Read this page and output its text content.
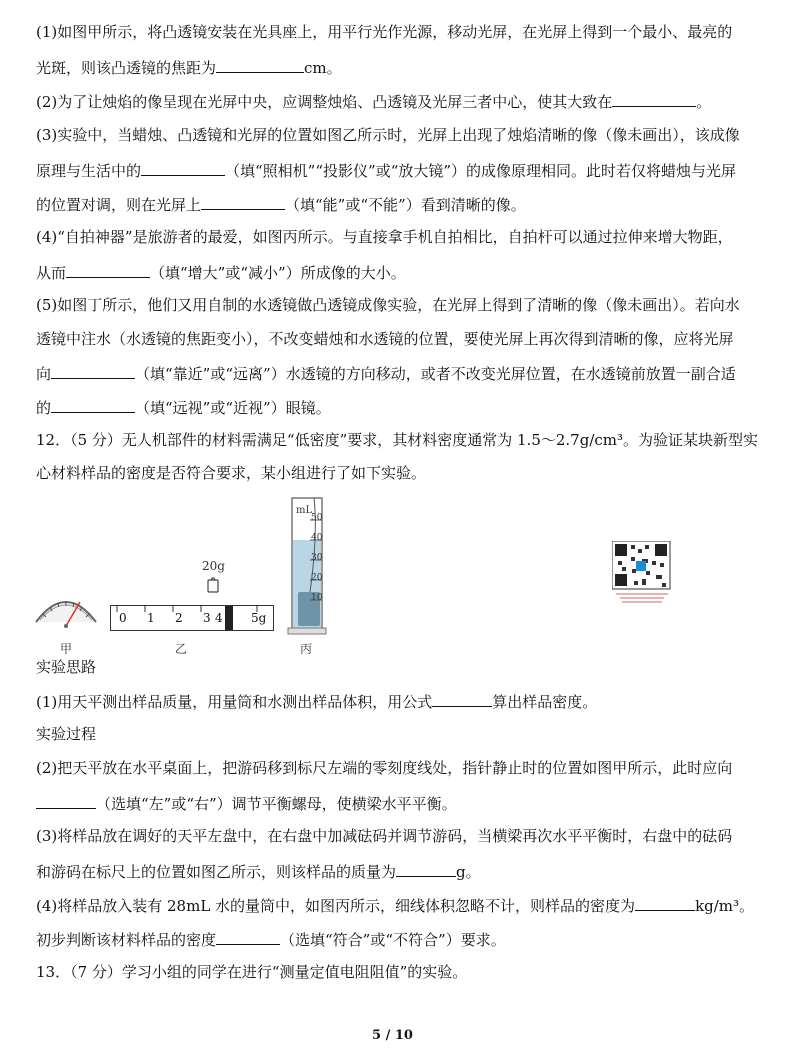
(1)如图甲所示，将凸透镜安装在光具座上，用平行光作光源，移动光屏，在光屏上得到一个最小、最亮的
光斑，则该凸透镜的焦距为	cm。
(2)为了让烛焰的像呈现在光屏中央，应调整烛焰、凸透镜及光屏三者中心，使其大致在	。
(3)实验中，当蜡烛、凸透镜和光屏的位置如图乙所示时，光屏上出现了烛焰清晰的像（像未画出），该成像
原理与生活中的	（填“照相机”“投影仪”或“放大镜”）的成像原理相同。此时若仅将蜡烛与光屏
的位置对调，则在光屏上	（填“能”或“不能”）看到清晰的像。
(4)“自拍神器”是旅游者的最爱，如图丙所示。与直接拿手机自拍相比，自拍杆可以通过拉伸来增大物距，
从而	（填“增大”或“减小”）所成像的大小。
(5)如图丁所示，他们又用自制的水透镜做凸透镜成像实验，在光屏上得到了清晰的像（像未画出）。若向水
透镜中注水（水透镜的焦距变小），不改变蜡烛和水透镜的位置，要使光屏上再次得到清晰的像，应将光屏
向	（填“靠近”或“远离”）水透镜的方向移动，或者不改变光屏位置，在水透镜前放置一副合适
的	（填“远视”或“近视”）眼镜。
12．（5 分）无人机部件的材料需满足“低密度”要求，其材料密度通常为 1.5～2.7g/cm³。为验证某块新型实
心材料样品的密度是否符合要求，某小组进行了如下实验。
甲
20g
0 1 2 3 4 5g
乙
mL
50
40
30
20
10
丙
实验思路
(1)用天平测出样品质量，用量筒和水测出样品体积，用公式	算出样品密度。
实验过程
(2)把天平放在水平桌面上，把游码移到标尺左端的零刻度线处，指针静止时的位置如图甲所示，此时应向
（选填“左”或“右”）调节平衡螺母，使横梁水平平衡。
(3)将样品放在调好的天平左盘中，在右盘中加减砝码并调节游码，当横梁再次水平平衡时，右盘中的砝码
和游码在标尺上的位置如图乙所示，则该样品的质量为	g。
(4)将样品放入装有 28mL 水的量筒中，如图丙所示，细线体积忽略不计，则样品的密度为	kg/m³。
初步判断该材料样品的密度	（选填“符合”或“不符合”）要求。
13．（7 分）学习小组的同学在进行“测量定值电阻阻值”的实验。
5 / 10
